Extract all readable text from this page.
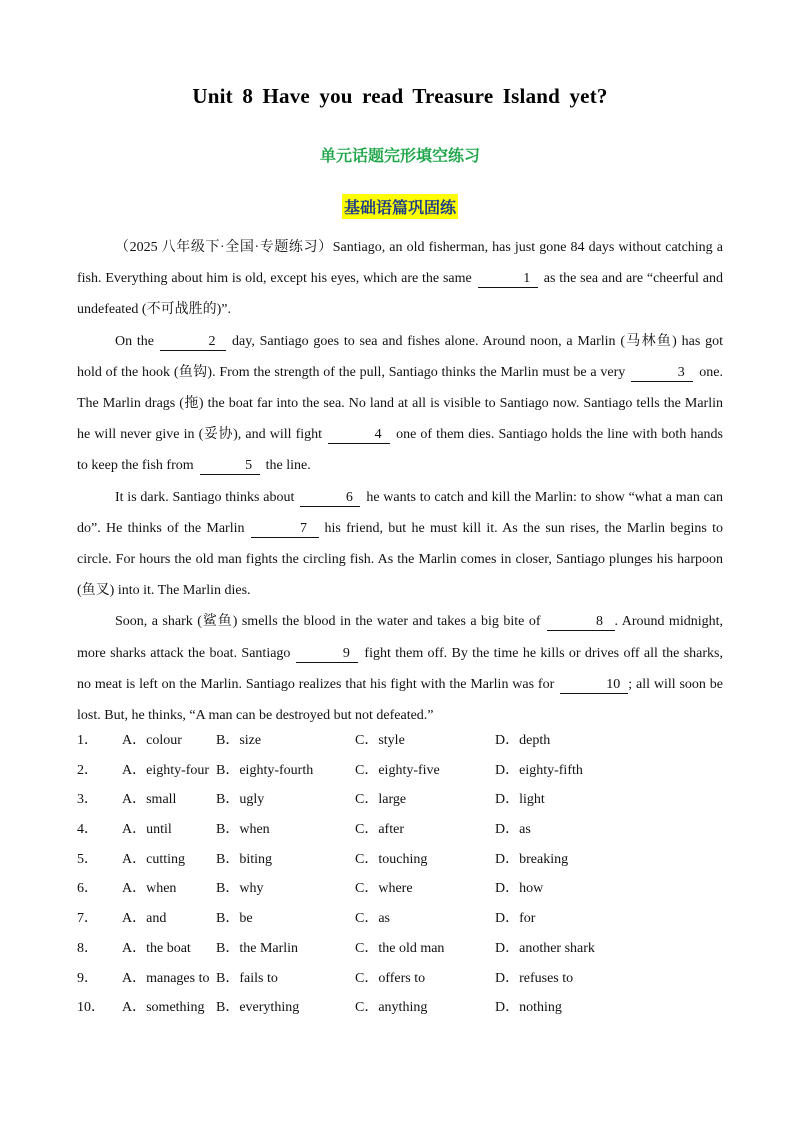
Unit 8 Have you read Treasure Island yet?
单元话题完形填空练习
基础语篇巩固练

（2025 八年级下·全国·专题练习）Santiago, an old fisherman, has just gone 84 days without catching a fish. Everything about him is old, except his eyes, which are the same	1 as the sea and are “cheerful and undefeated (不可战胜的)”.

On the	2 day, Santiago goes to sea and fishes alone. Around noon, a Marlin (马林鱼) has got hold of the hook (鱼钩). From the strength of the pull, Santiago thinks the Marlin must be a very	3 one. The Marlin drags (拖) the boat far into the sea. No land at all is visible to Santiago now. Santiago tells the Marlin he will never give in (妥协), and will fight	4 one of them dies. Santiago holds the line with both hands to keep the fish from	5 the line.

It is dark. Santiago thinks about	6 he wants to catch and kill the Marlin: to show “what a man can do”. He thinks of the Marlin	7 his friend, but he must kill it. As the sun rises, the Marlin begins to circle. For hours the old man fights the circling fish. As the Marlin comes in closer, Santiago plunges his harpoon (鱼叉) into it. The Marlin dies.

Soon, a shark (鲨鱼) smells the blood in the water and takes a big bite of	8 . Around midnight, more sharks attack the boat. Santiago	9 fight them off. By the time he kills or drives off all the sharks, no meat is left on the Marlin. Santiago realizes that his fight with the Marlin was for	10 ; all will soon be lost. But, he thinks, “A man can be destroyed but not defeated.”

1． A．colour B．size	C．style	D．depth
2． A．eighty-four B．eighty-fourth	C．eighty-five	D．eighty-fifth
3． A．small	B．ugly	C．large	D．light
4． A．until	B．when	C．after	D．as
5． A．cutting B．biting	C．touching	D．breaking
6． A．when	B．why	C．where	D．how
7． A．and	B．be	C．as	D．for
8． A．the boat B．the Marlin	C．the old man	D．another shark
9． A．manages to B．fails to	C．offers to	D．refuses to
10． A．something B．everything	C．anything	D．nothing
